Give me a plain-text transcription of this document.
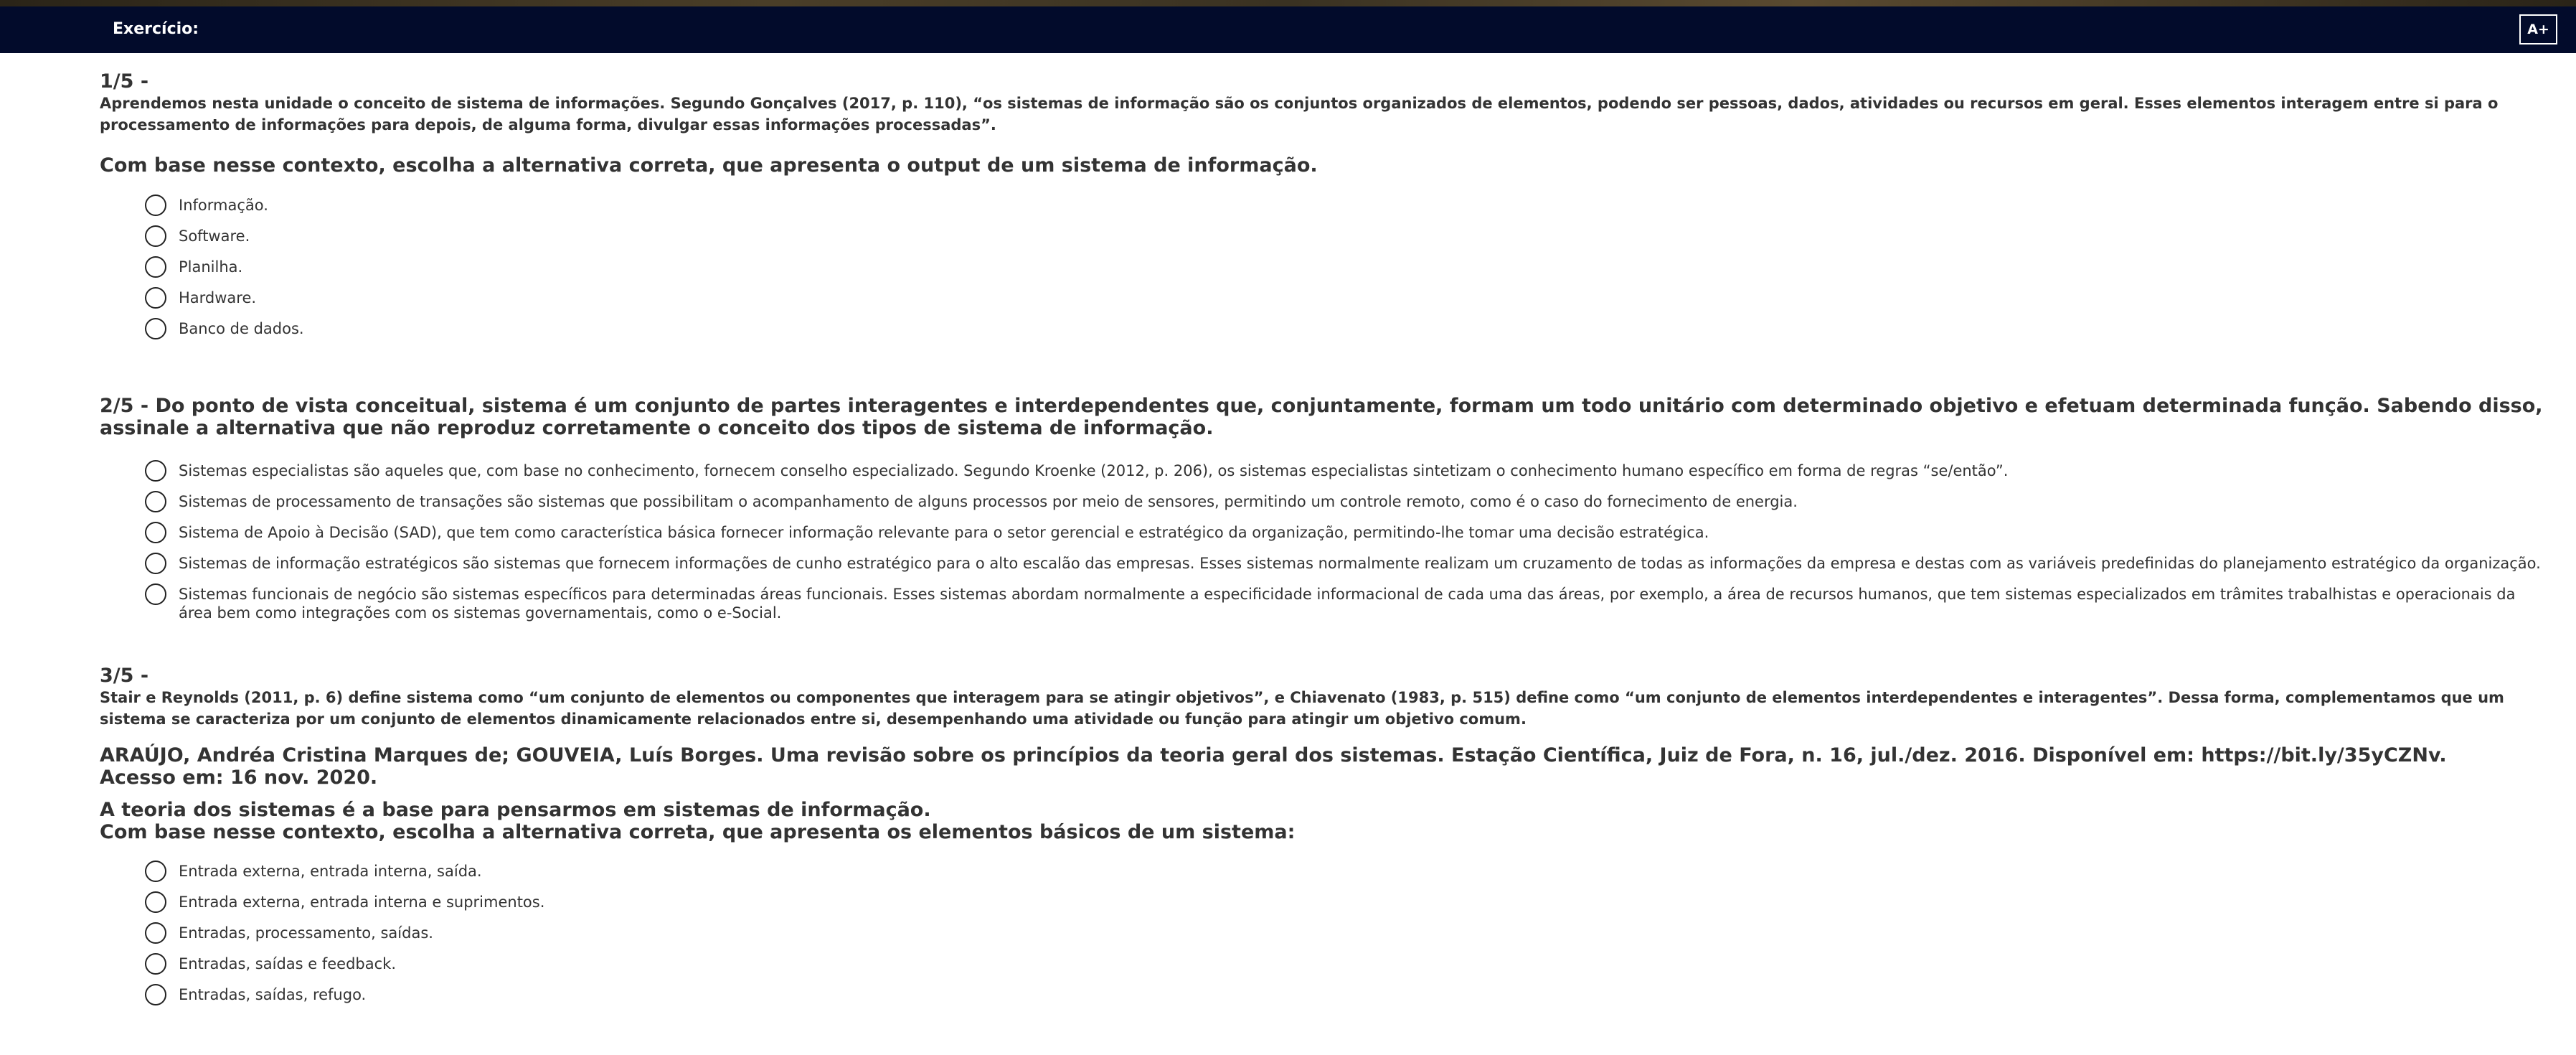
Exercício:	A+
1/5 -
Aprendemos nesta unidade o conceito de sistema de informações. Segundo Gonçalves (2017, p. 110), “os sistemas de informação são os conjuntos organizados de elementos, podendo ser pessoas, dados, atividades ou recursos em geral. Esses elementos interagem entre si para o processamento de informações para depois, de alguma forma, divulgar essas informações processadas”.
Com base nesse contexto, escolha a alternativa correta, que apresenta o output de um sistema de informação.
Informação.
Software.
Planilha.
Hardware.
Banco de dados.
2/5 - Do ponto de vista conceitual, sistema é um conjunto de partes interagentes e interdependentes que, conjuntamente, formam um todo unitário com determinado objetivo e efetuam determinada função. Sabendo disso, assinale a alternativa que não reproduz corretamente o conceito dos tipos de sistema de informação.
Sistemas especialistas são aqueles que, com base no conhecimento, fornecem conselho especializado. Segundo Kroenke (2012, p. 206), os sistemas especialistas sintetizam o conhecimento humano específico em forma de regras “se/então”.
Sistemas de processamento de transações são sistemas que possibilitam o acompanhamento de alguns processos por meio de sensores, permitindo um controle remoto, como é o caso do fornecimento de energia.
Sistema de Apoio à Decisão (SAD), que tem como característica básica fornecer informação relevante para o setor gerencial e estratégico da organização, permitindo-lhe tomar uma decisão estratégica.
Sistemas de informação estratégicos são sistemas que fornecem informações de cunho estratégico para o alto escalão das empresas. Esses sistemas normalmente realizam um cruzamento de todas as informações da empresa e destas com as variáveis predefinidas do planejamento estratégico da organização.
Sistemas funcionais de negócio são sistemas específicos para determinadas áreas funcionais. Esses sistemas abordam normalmente a especificidade informacional de cada uma das áreas, por exemplo, a área de recursos humanos, que tem sistemas especializados em trâmites trabalhistas e operacionais da área bem como integrações com os sistemas governamentais, como o e-Social.
3/5 -
Stair e Reynolds (2011, p. 6) define sistema como “um conjunto de elementos ou componentes que interagem para se atingir objetivos”, e Chiavenato (1983, p. 515) define como “um conjunto de elementos interdependentes e interagentes”. Dessa forma, complementamos que um sistema se caracteriza por um conjunto de elementos dinamicamente relacionados entre si, desempenhando uma atividade ou função para atingir um objetivo comum.
ARAÚJO, Andréa Cristina Marques de; GOUVEIA, Luís Borges. Uma revisão sobre os princípios da teoria geral dos sistemas. Estação Científica, Juiz de Fora, n. 16, jul./dez. 2016. Disponível em: https://bit.ly/35yCZNv.
Acesso em: 16 nov. 2020.
A teoria dos sistemas é a base para pensarmos em sistemas de informação.
Com base nesse contexto, escolha a alternativa correta, que apresenta os elementos básicos de um sistema:
Entrada externa, entrada interna, saída.
Entrada externa, entrada interna e suprimentos.
Entradas, processamento, saídas.
Entradas, saídas e feedback.
Entradas, saídas, refugo.
